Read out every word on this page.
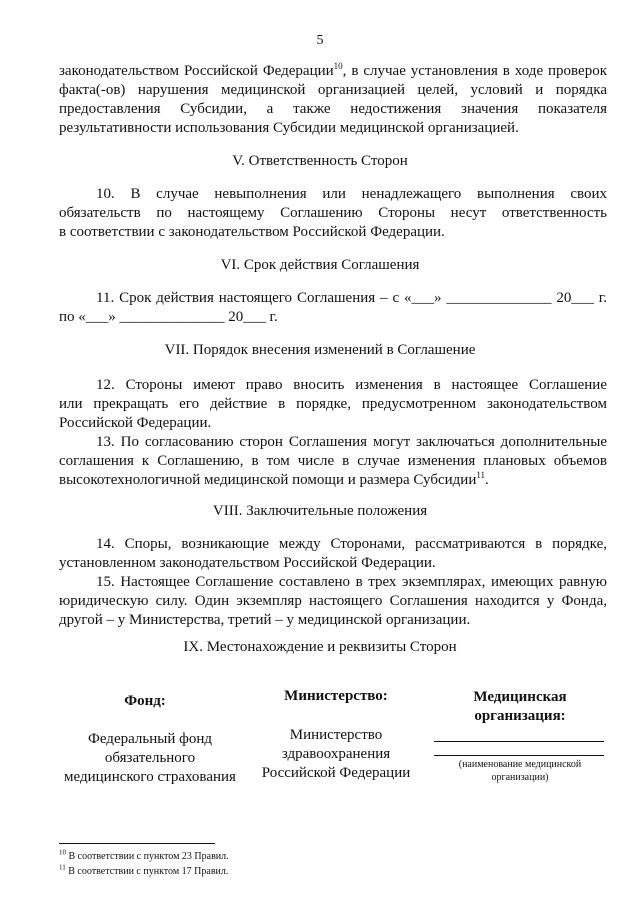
5
законодательством Российской Федерации$^{10}$, в случае установления в ходе проверок
факта(-ов) нарушения медицинской организацией целей, условий и порядка
предоставления Субсидии, а также недостижения значения показателя
результативности использования Субсидии медицинской организацией.
V. Ответственность Сторон
10. В случае невыполнения или ненадлежащего выполнения своих
обязательств по настоящему Соглашению Стороны несут ответственность
в соответствии с законодательством Российской Федерации.
VI. Срок действия Соглашения
11. Срок действия настоящего Соглашения – с «___» ______________ 20___ г.
по «___» ______________ 20___ г.
VII. Порядок внесения изменений в Соглашение
12. Стороны имеют право вносить изменения в настоящее Соглашение
или прекращать его действие в порядке, предусмотренном законодательством
Российской Федерации.
13. По согласованию сторон Соглашения могут заключаться дополнительные
соглашения к Соглашению, в том числе в случае изменения плановых объемов
высокотехнологичной медицинской помощи и размера Субсидии$^{11}$.
VIII. Заключительные положения
14. Споры, возникающие между Сторонами, рассматриваются в порядке,
установленном законодательством Российской Федерации.
15. Настоящее Соглашение составлено в трех экземплярах, имеющих равную
юридическую силу. Один экземпляр настоящего Соглашения находится у Фонда,
другой – у Министерства, третий – у медицинской организации.
IX. Местонахождение и реквизиты Сторон
Фонд:	Министерство:	Медицинская
организация:
Федеральный фонд
обязательного
медицинского страхования
Министерство
здравоохранения
Российской Федерации
(наименование медицинской
организации)
$^{10}$ В соответствии с пунктом 23 Правил.
$^{11}$ В соответствии с пунктом 17 Правил.
